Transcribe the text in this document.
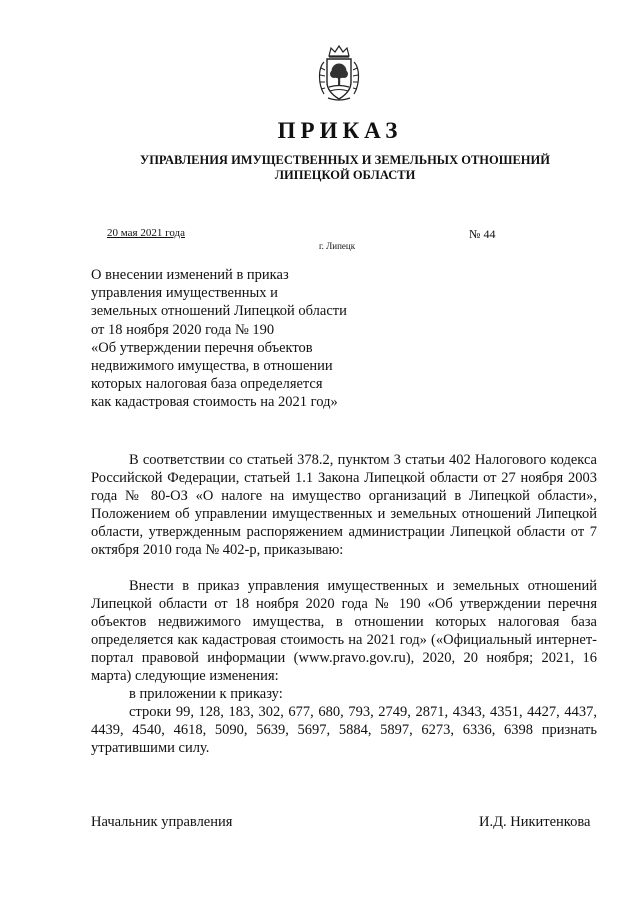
ПРИКАЗ
УПРАВЛЕНИЯ ИМУЩЕСТВЕННЫХ И ЗЕМЕЛЬНЫХ ОТНОШЕНИЙ
ЛИПЕЦКОЙ ОБЛАСТИ
20 мая 2021 года	№ 44
г. Липецк
О внесении изменений в приказ
управления имущественных и
земельных отношений Липецкой области
от 18 ноября 2020 года № 190
«Об утверждении перечня объектов
недвижимого имущества, в отношении
которых налоговая база определяется
как кадастровая стоимость на 2021 год»

В соответствии со статьей 378.2, пунктом 3 статьи 402 Налогового кодекса Российской Федерации, статьей 1.1 Закона Липецкой области от 27 ноября 2003 года № 80-ОЗ «О налоге на имущество организаций в Липецкой области», Положением об управлении имущественных и земельных отношений Липецкой области, утвержденным распоряжением администрации Липецкой области от 7 октября 2010 года № 402-р, приказываю:

Внести в приказ управления имущественных и земельных отношений Липецкой области от 18 ноября 2020 года № 190 «Об утверждении перечня объектов недвижимого имущества, в отношении которых налоговая база определяется как кадастровая стоимость на 2021 год» («Официальный интернет-портал правовой информации (www.pravo.gov.ru), 2020, 20 ноября; 2021, 16 марта) следующие изменения:

в приложении к приказу:

строки 99, 128, 183, 302, 677, 680, 793, 2749, 2871, 4343, 4351, 4427, 4437, 4439, 4540, 4618, 5090, 5639, 5697, 5884, 5897, 6273, 6336, 6398 признать утратившими силу.

Начальник управления	И.Д. Никитенкова
